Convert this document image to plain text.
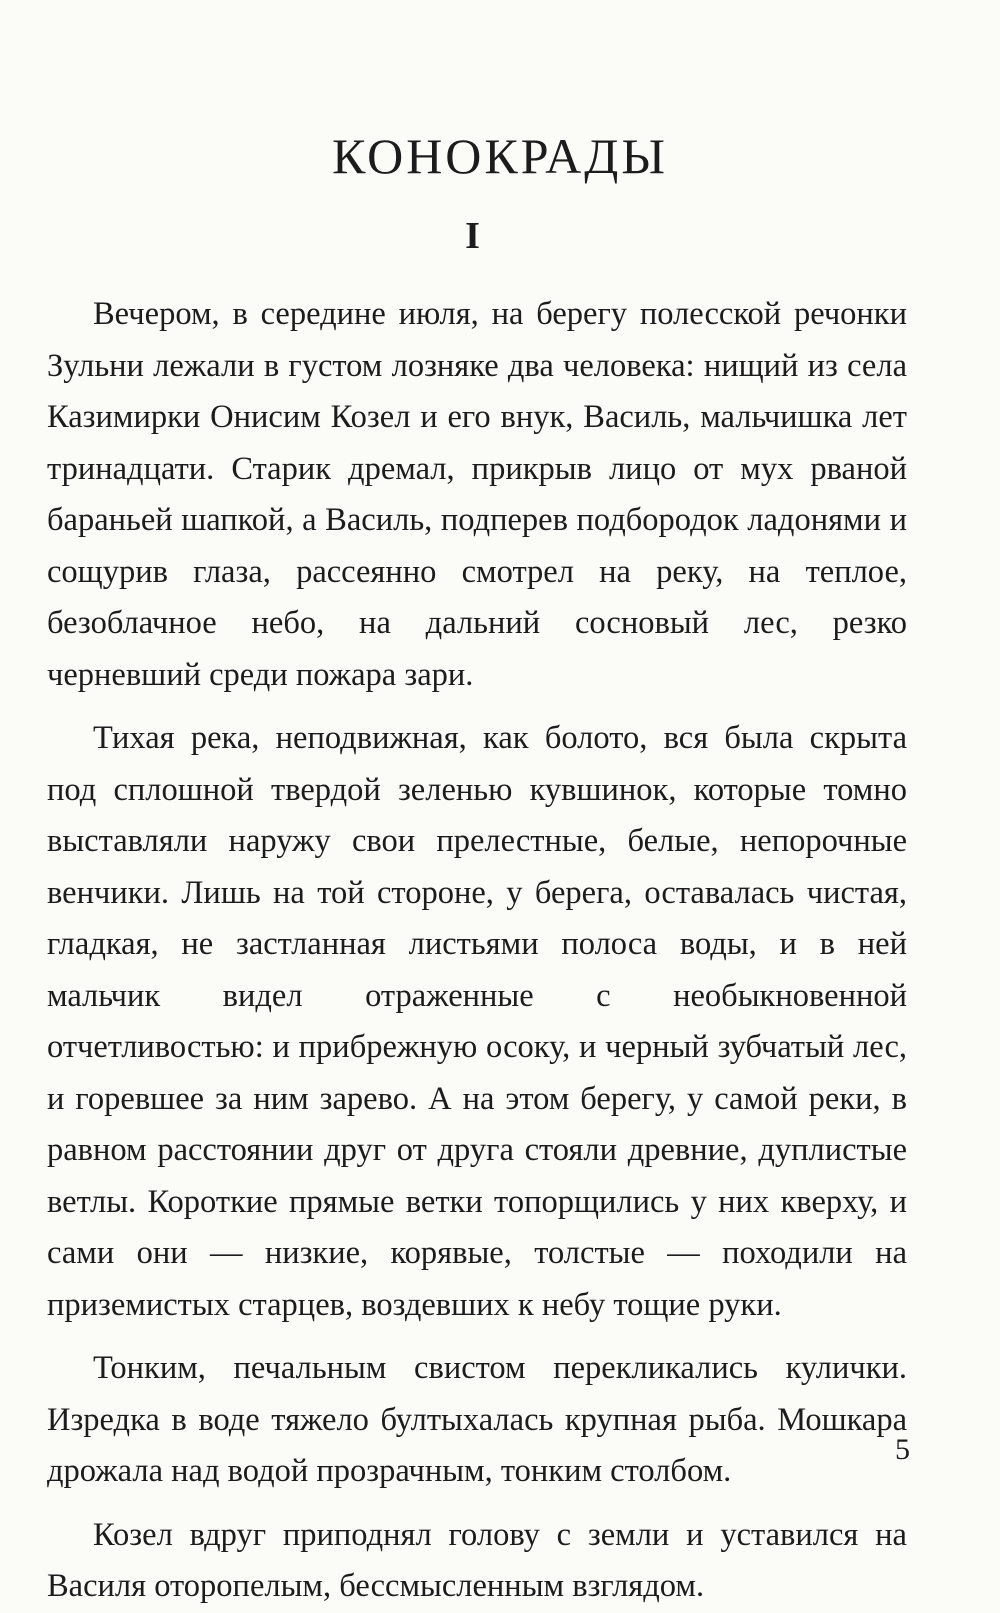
КОНОКРАДЫ
I

Вечером, в середине июля, на берегу полесской речонки Зульни лежали в густом лозняке два человека: нищий из села Казимирки Онисим Козел и его внук, Василь, мальчишка лет тринадцати. Старик дремал, прикрыв лицо от мух рваной бараньей шапкой, а Василь, подперев подбородок ладонями и сощурив глаза, рассеянно смотрел на реку, на теплое, безоблачное небо, на дальний сосновый лес, резко черневший среди пожара зари.

Тихая река, неподвижная, как болото, вся была скрыта под сплошной твердой зеленью кувшинок, которые томно выставляли наружу свои прелестные, белые, непорочные венчики. Лишь на той стороне, у берега, оставалась чистая, гладкая, не застланная листьями полоса воды, и в ней мальчик видел отраженные с необыкновенной отчетливостью: и прибрежную осоку, и черный зубчатый лес, и горевшее за ним зарево. А на этом берегу, у самой реки, в равном расстоянии друг от друга стояли древние, дуплистые ветлы. Короткие прямые ветки топорщились у них кверху, и сами они — низкие, корявые, толстые — походили на приземистых старцев, воздевших к небу тощие руки.

Тонким, печальным свистом перекликались кулички. Изредка в воде тяжело бултыхалась крупная рыба. Мошкара дрожала над водой прозрачным, тонким столбом.

Козел вдруг приподнял голову с земли и уставился на Василя оторопелым, бессмысленным взглядом.

5
